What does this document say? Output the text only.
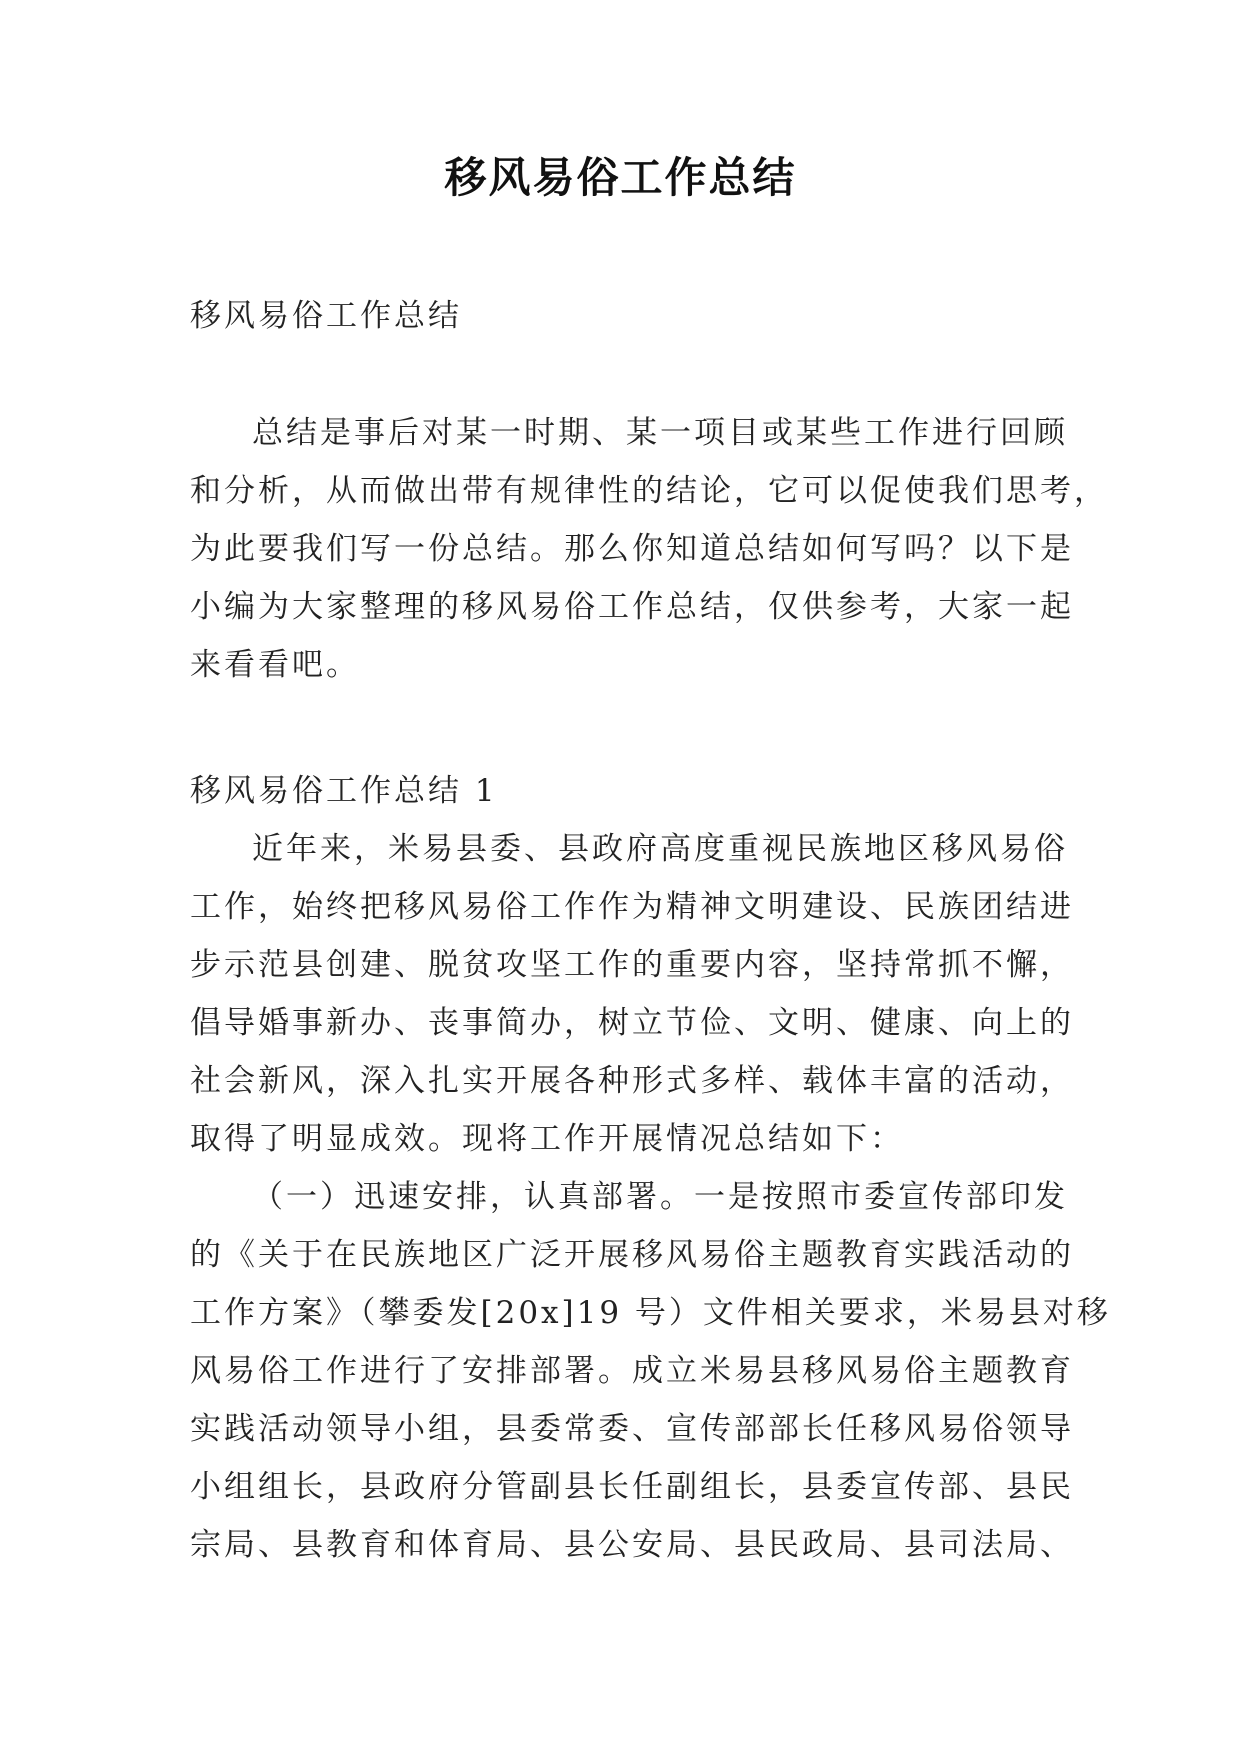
移风易俗工作总结
移风易俗工作总结
总结是事后对某一时期、某一项目或某些工作进行回顾
和分析，从而做出带有规律性的结论，它可以促使我们思考，
为此要我们写一份总结。那么你知道总结如何写吗？以下是
小编为大家整理的移风易俗工作总结，仅供参考，大家一起
来看看吧。
移风易俗工作总结 1
近年来，米易县委、县政府高度重视民族地区移风易俗
工作，始终把移风易俗工作作为精神文明建设、民族团结进
步示范县创建、脱贫攻坚工作的重要内容，坚持常抓不懈，
倡导婚事新办、丧事简办，树立节俭、文明、健康、向上的
社会新风，深入扎实开展各种形式多样、载体丰富的活动，
取得了明显成效。现将工作开展情况总结如下：
（一）迅速安排，认真部署。一是按照市委宣传部印发
的《关于在民族地区广泛开展移风易俗主题教育实践活动的
工作方案》（攀委发[20x]19 号）文件相关要求，米易县对移
风易俗工作进行了安排部署。成立米易县移风易俗主题教育
实践活动领导小组，县委常委、宣传部部长任移风易俗领导
小组组长，县政府分管副县长任副组长，县委宣传部、县民
宗局、县教育和体育局、县公安局、县民政局、县司法局、
